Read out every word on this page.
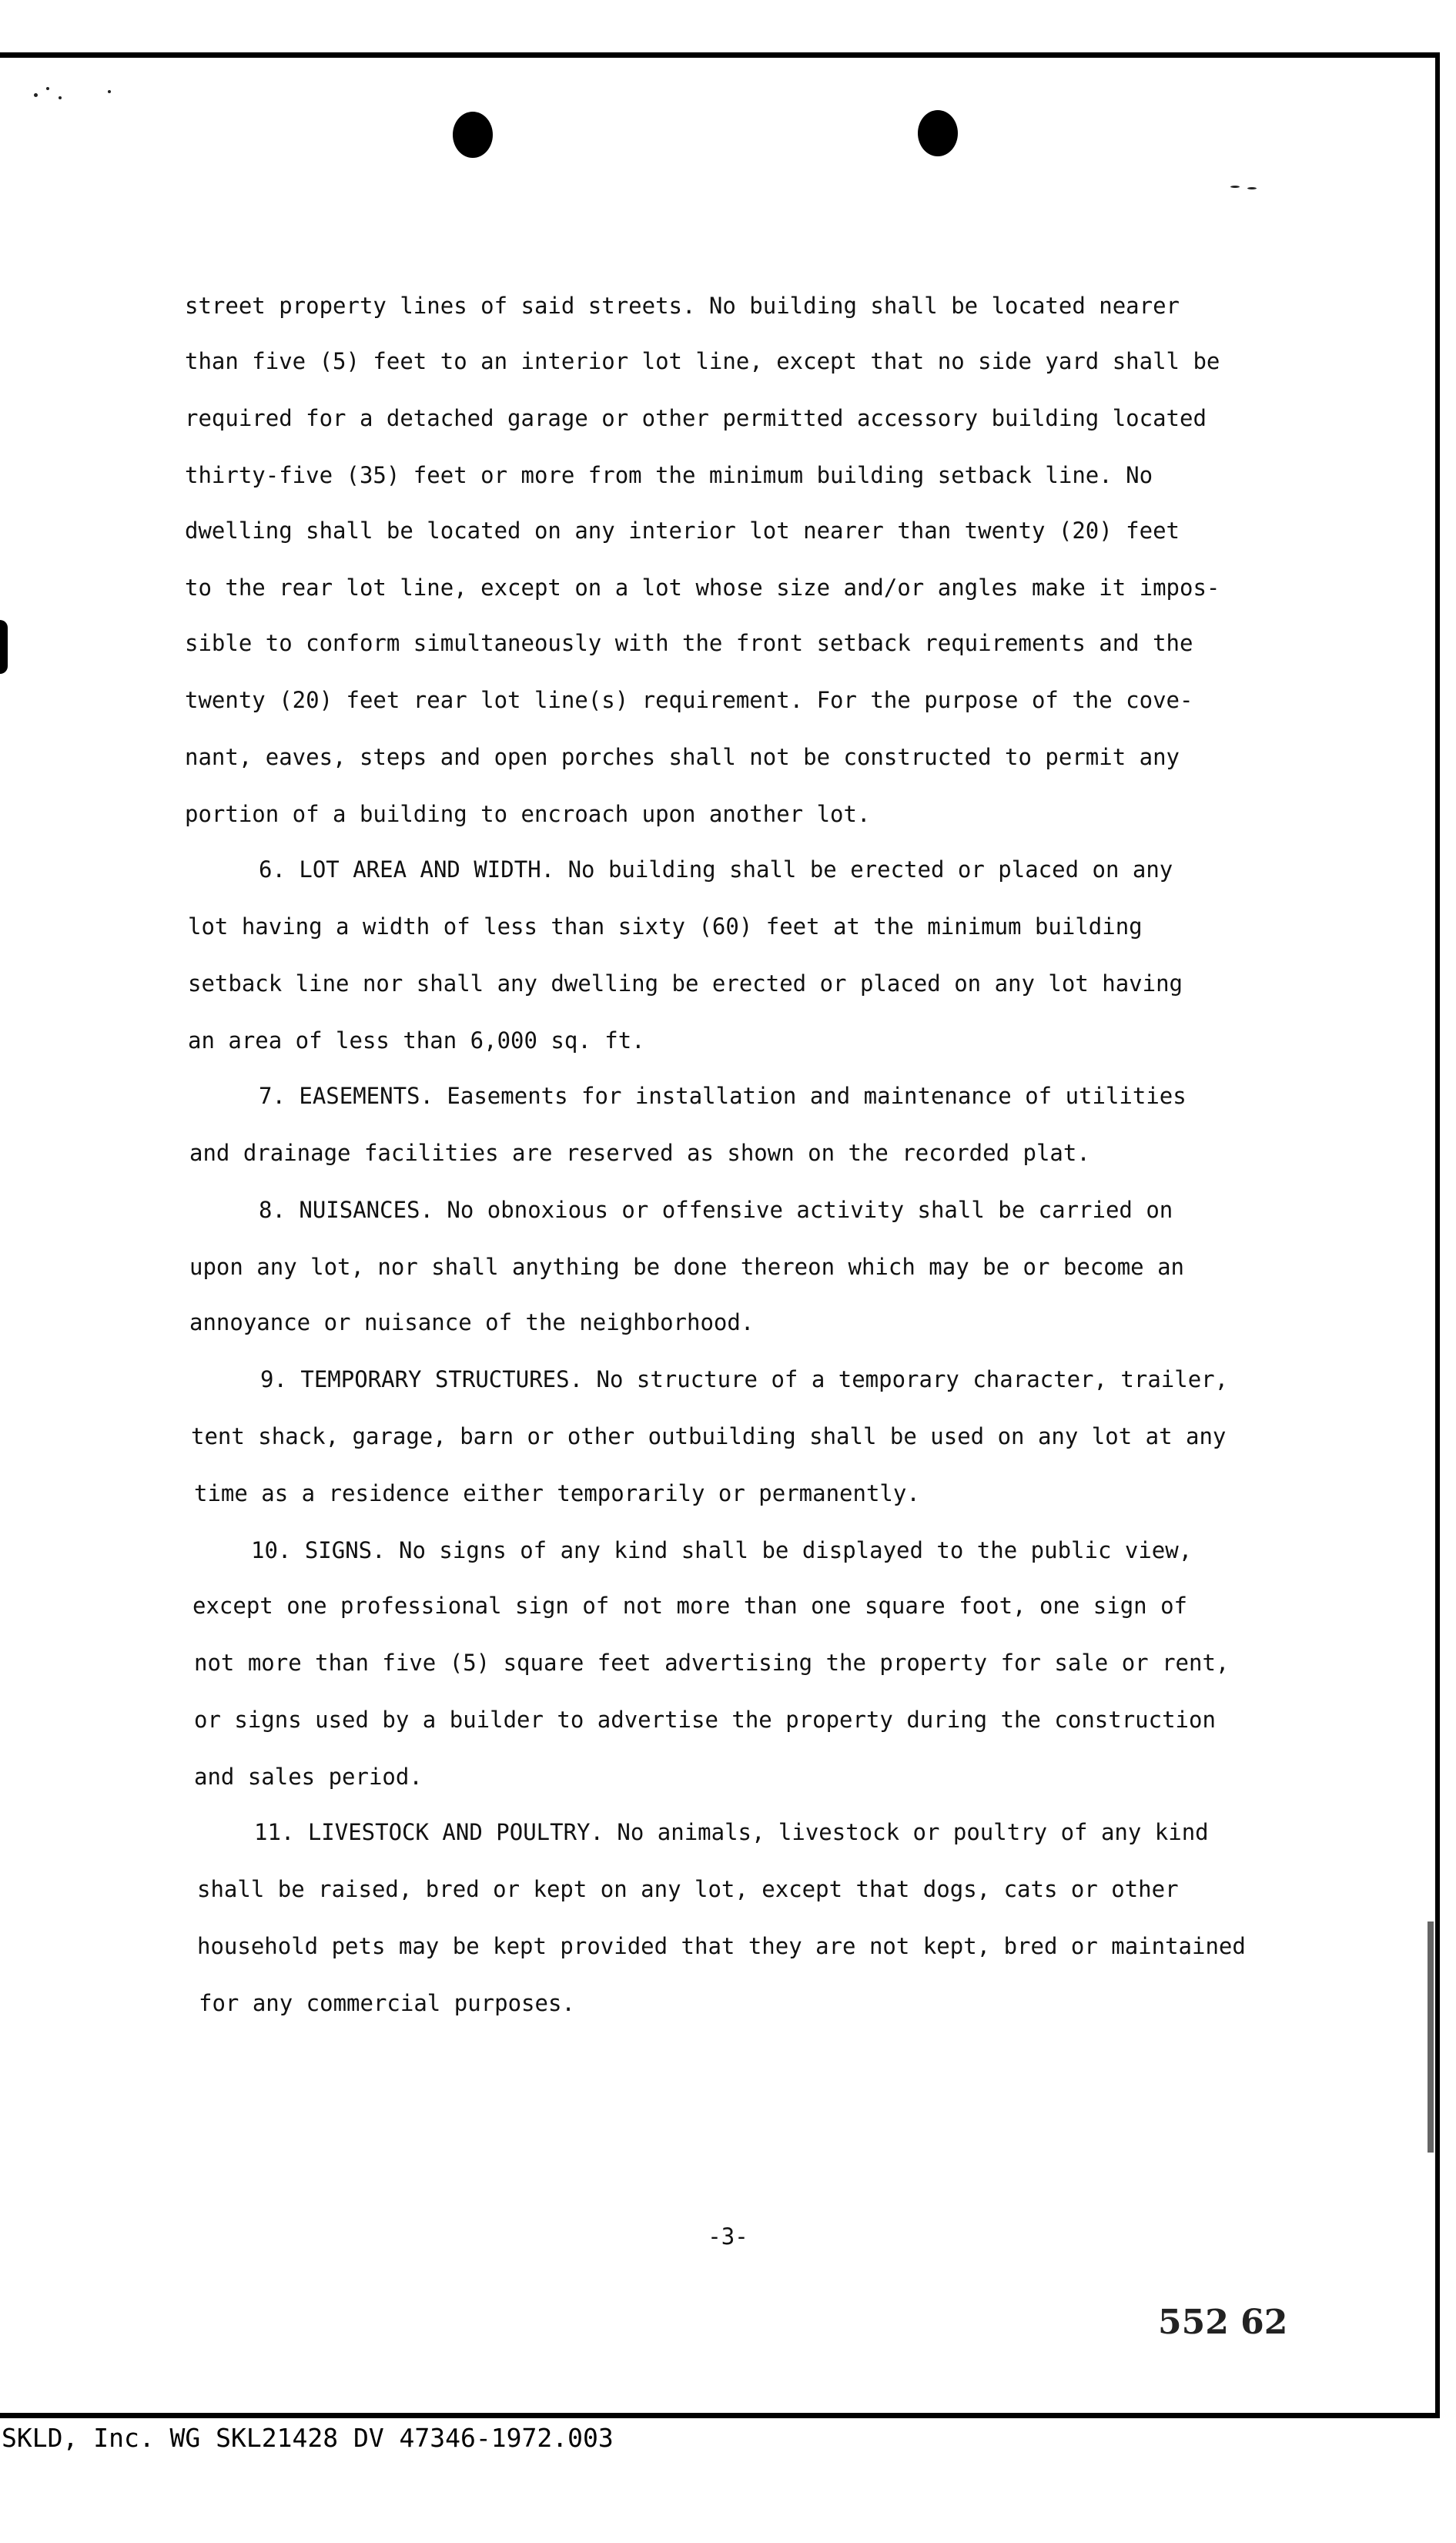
street property lines of said streets. No building shall be located nearer
than five (5) feet to an interior lot line, except that no side yard shall be
required for a detached garage or other permitted accessory building located
thirty-five (35) feet or more from the minimum building setback line. No
dwelling shall be located on any interior lot nearer than twenty (20) feet
to the rear lot line, except on a lot whose size and/or angles make it impos-
sible to conform simultaneously with the front setback requirements and the
twenty (20) feet rear lot line(s) requirement. For the purpose of the cove-
nant, eaves, steps and open porches shall not be constructed to permit any
portion of a building to encroach upon another lot.
6. LOT AREA AND WIDTH. No building shall be erected or placed on any
lot having a width of less than sixty (60) feet at the minimum building
setback line nor shall any dwelling be erected or placed on any lot having
an area of less than 6,000 sq. ft.
7. EASEMENTS. Easements for installation and maintenance of utilities
and drainage facilities are reserved as shown on the recorded plat.
8. NUISANCES. No obnoxious or offensive activity shall be carried on
upon any lot, nor shall anything be done thereon which may be or become an
annoyance or nuisance of the neighborhood.
9. TEMPORARY STRUCTURES. No structure of a temporary character, trailer,
tent shack, garage, barn or other outbuilding shall be used on any lot at any
time as a residence either temporarily or permanently.
10. SIGNS. No signs of any kind shall be displayed to the public view,
except one professional sign of not more than one square foot, one sign of
not more than five (5) square feet advertising the property for sale or rent,
or signs used by a builder to advertise the property during the construction
and sales period.
11. LIVESTOCK AND POULTRY. No animals, livestock or poultry of any kind
shall be raised, bred or kept on any lot, except that dogs, cats or other
household pets may be kept provided that they are not kept, bred or maintained
for any commercial purposes.
-3-
552 62
SKLD, Inc. WG SKL21428 DV 47346-1972.003
